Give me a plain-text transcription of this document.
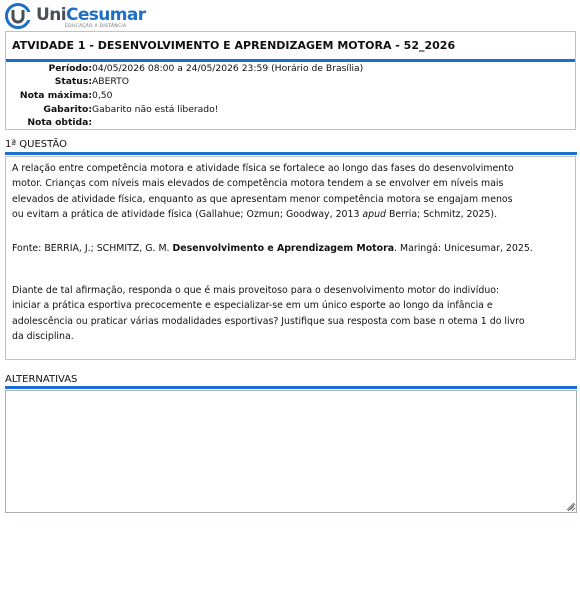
UniCesumar
EDUCAÇÃO A DISTÂNCIA
ATVIDADE 1 - DESENVOLVIMENTO E APRENDIZAGEM MOTORA - 52_2026
Período: 04/05/2026 08:00 a 24/05/2026 23:59 (Horário de Brasília)
Status: ABERTO
Nota máxima: 0,50
Gabarito: Gabarito não está liberado!
Nota obtida:
1ª QUESTÃO
A relação entre competência motora e atividade física se fortalece ao longo das fases do desenvolvimento
motor. Crianças com níveis mais elevados de competência motora tendem a se envolver em níveis mais
elevados de atividade física, enquanto as que apresentam menor competência motora se engajam menos
ou evitam a prática de atividade física (Gallahue; Ozmun; Goodway, 2013 apud Berria; Schmitz, 2025).
Fonte: BERRIA, J.; SCHMITZ, G. M. Desenvolvimento e Aprendizagem Motora. Maringá: Unicesumar, 2025.
Diante de tal afirmação, responda o que é mais proveitoso para o desenvolvimento motor do indivíduo:
iniciar a prática esportiva precocemente e especializar-se em um único esporte ao longo da infância e
adolescência ou praticar várias modalidades esportivas? Justifique sua resposta com base n otema 1 do livro
da disciplina.
ALTERNATIVAS
